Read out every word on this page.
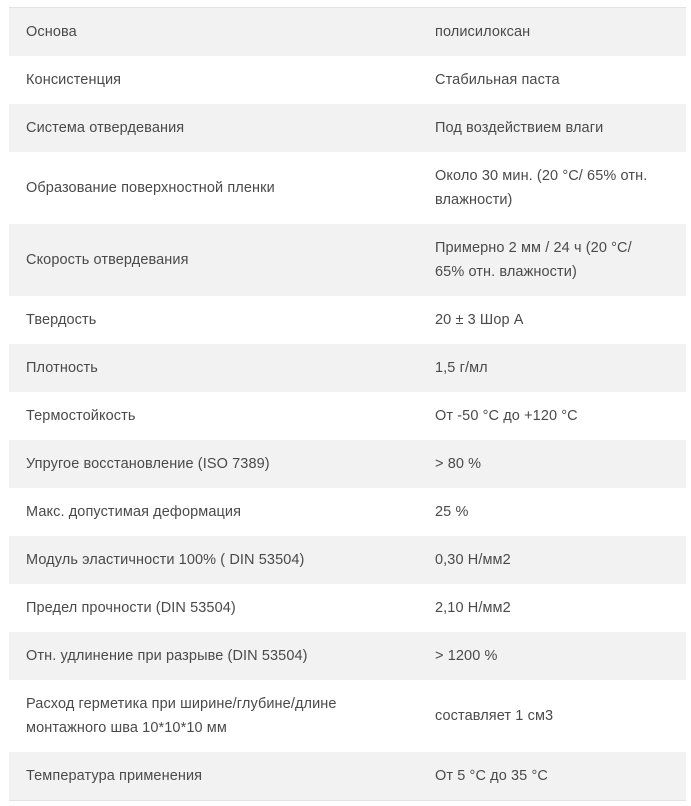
Основа	полисилоксан
Консистенция	Стабильная паста
Система отвердевания	Под воздействием влаги
Образование поверхностной пленки	Около 30 мин. (20 °C/ 65% отн. влажности)
Скорость отвердевания	Примерно 2 мм / 24 ч (20 °C/ 65% отн. влажности)
Твердость	20 ± 3 Шор А
Плотность	1,5 г/мл
Термостойкость	От -50 °C до +120 °C
Упругое восстановление (ISO 7389)	> 80 %
Макс. допустимая деформация	25 %
Модуль эластичности 100% ( DIN 53504)	0,30 Н/мм2
Предел прочности (DIN 53504)	2,10 Н/мм2
Отн. удлинение при разрыве (DIN 53504)	> 1200 %
Расход герметика при ширине/глубине/длине монтажного шва 10*10*10 мм	составляет 1 см3
Температура применения	От 5 °C до 35 °C
